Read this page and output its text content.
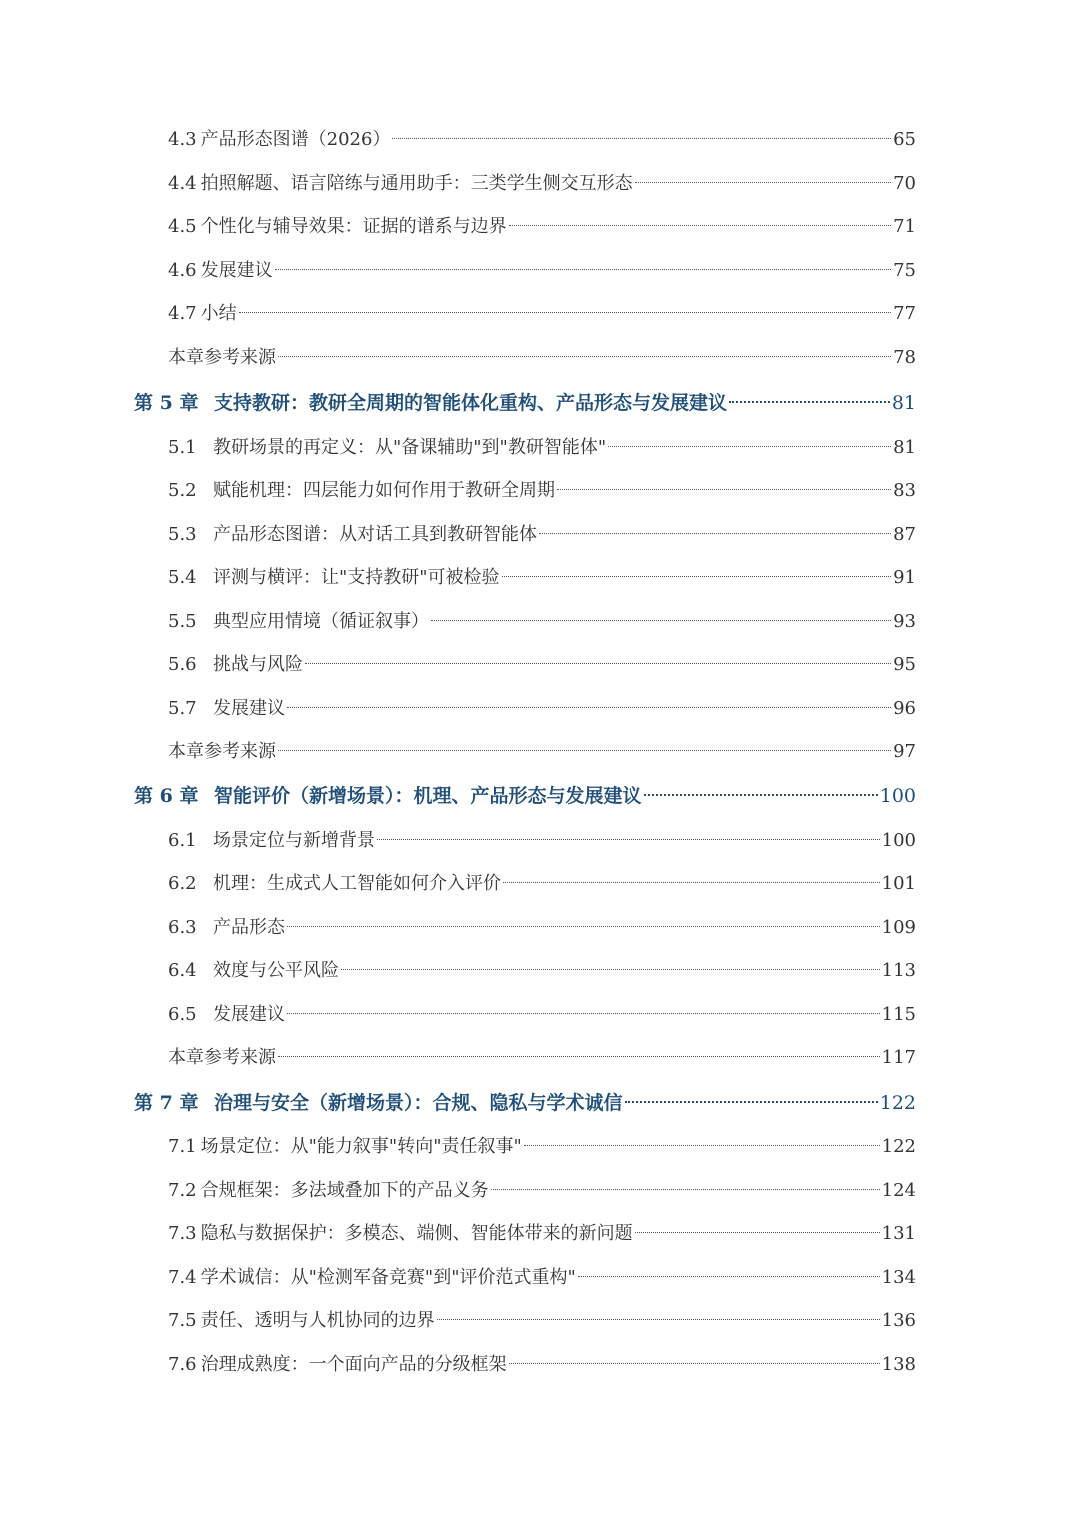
4.3 产品形态图谱（2026）	65
4.4 拍照解题、语言陪练与通用助手：三类学生侧交互形态	70
4.5 个性化与辅导效果：证据的谱系与边界	71
4.6 发展建议	75
4.7 小结	77
本章参考来源	78
第 5 章 支持教研：教研全周期的智能体化重构、产品形态与发展建议	81
5.1 教研场景的再定义：从"备课辅助"到"教研智能体"	81
5.2 赋能机理：四层能力如何作用于教研全周期	83
5.3 产品形态图谱：从对话工具到教研智能体	87
5.4 评测与横评：让"支持教研"可被检验	91
5.5 典型应用情境（循证叙事）	93
5.6 挑战与风险	95
5.7 发展建议	96
本章参考来源	97
第 6 章 智能评价（新增场景）：机理、产品形态与发展建议	100
6.1 场景定位与新增背景	100
6.2 机理：生成式人工智能如何介入评价	101
6.3 产品形态	109
6.4 效度与公平风险	113
6.5 发展建议	115
本章参考来源	117
第 7 章 治理与安全（新增场景）：合规、隐私与学术诚信	122
7.1 场景定位：从"能力叙事"转向"责任叙事"	122
7.2 合规框架：多法域叠加下的产品义务	124
7.3 隐私与数据保护：多模态、端侧、智能体带来的新问题	131
7.4 学术诚信：从"检测军备竞赛"到"评价范式重构"	134
7.5 责任、透明与人机协同的边界	136
7.6 治理成熟度：一个面向产品的分级框架	138
